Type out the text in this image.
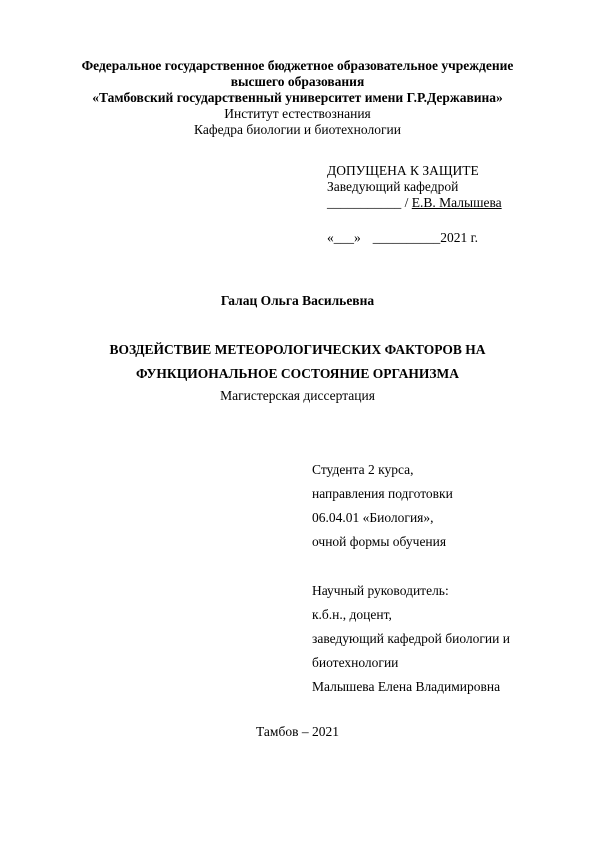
Федеральное государственное бюджетное образовательное учреждение
высшего образования
«Тамбовский государственный университет имени Г.Р.Державина»
Институт естествознания
Кафедра биологии и биотехнологии
ДОПУЩЕНА К ЗАЩИТЕ
Заведующий кафедрой
___________ / Е.В. Малышева
«___» __________2021 г.
Галац Ольга Васильевна
ВОЗДЕЙСТВИЕ МЕТЕОРОЛОГИЧЕСКИХ ФАКТОРОВ НА
ФУНКЦИОНАЛЬНОЕ СОСТОЯНИЕ ОРГАНИЗМА
Магистерская диссертация
Студента 2 курса,
направления подготовки
06.04.01 «Биология»,
очной формы обучения
Научный руководитель:
к.б.н., доцент,
заведующий кафедрой биологии и
биотехнологии
Малышева Елена Владимировна
Тамбов – 2021
